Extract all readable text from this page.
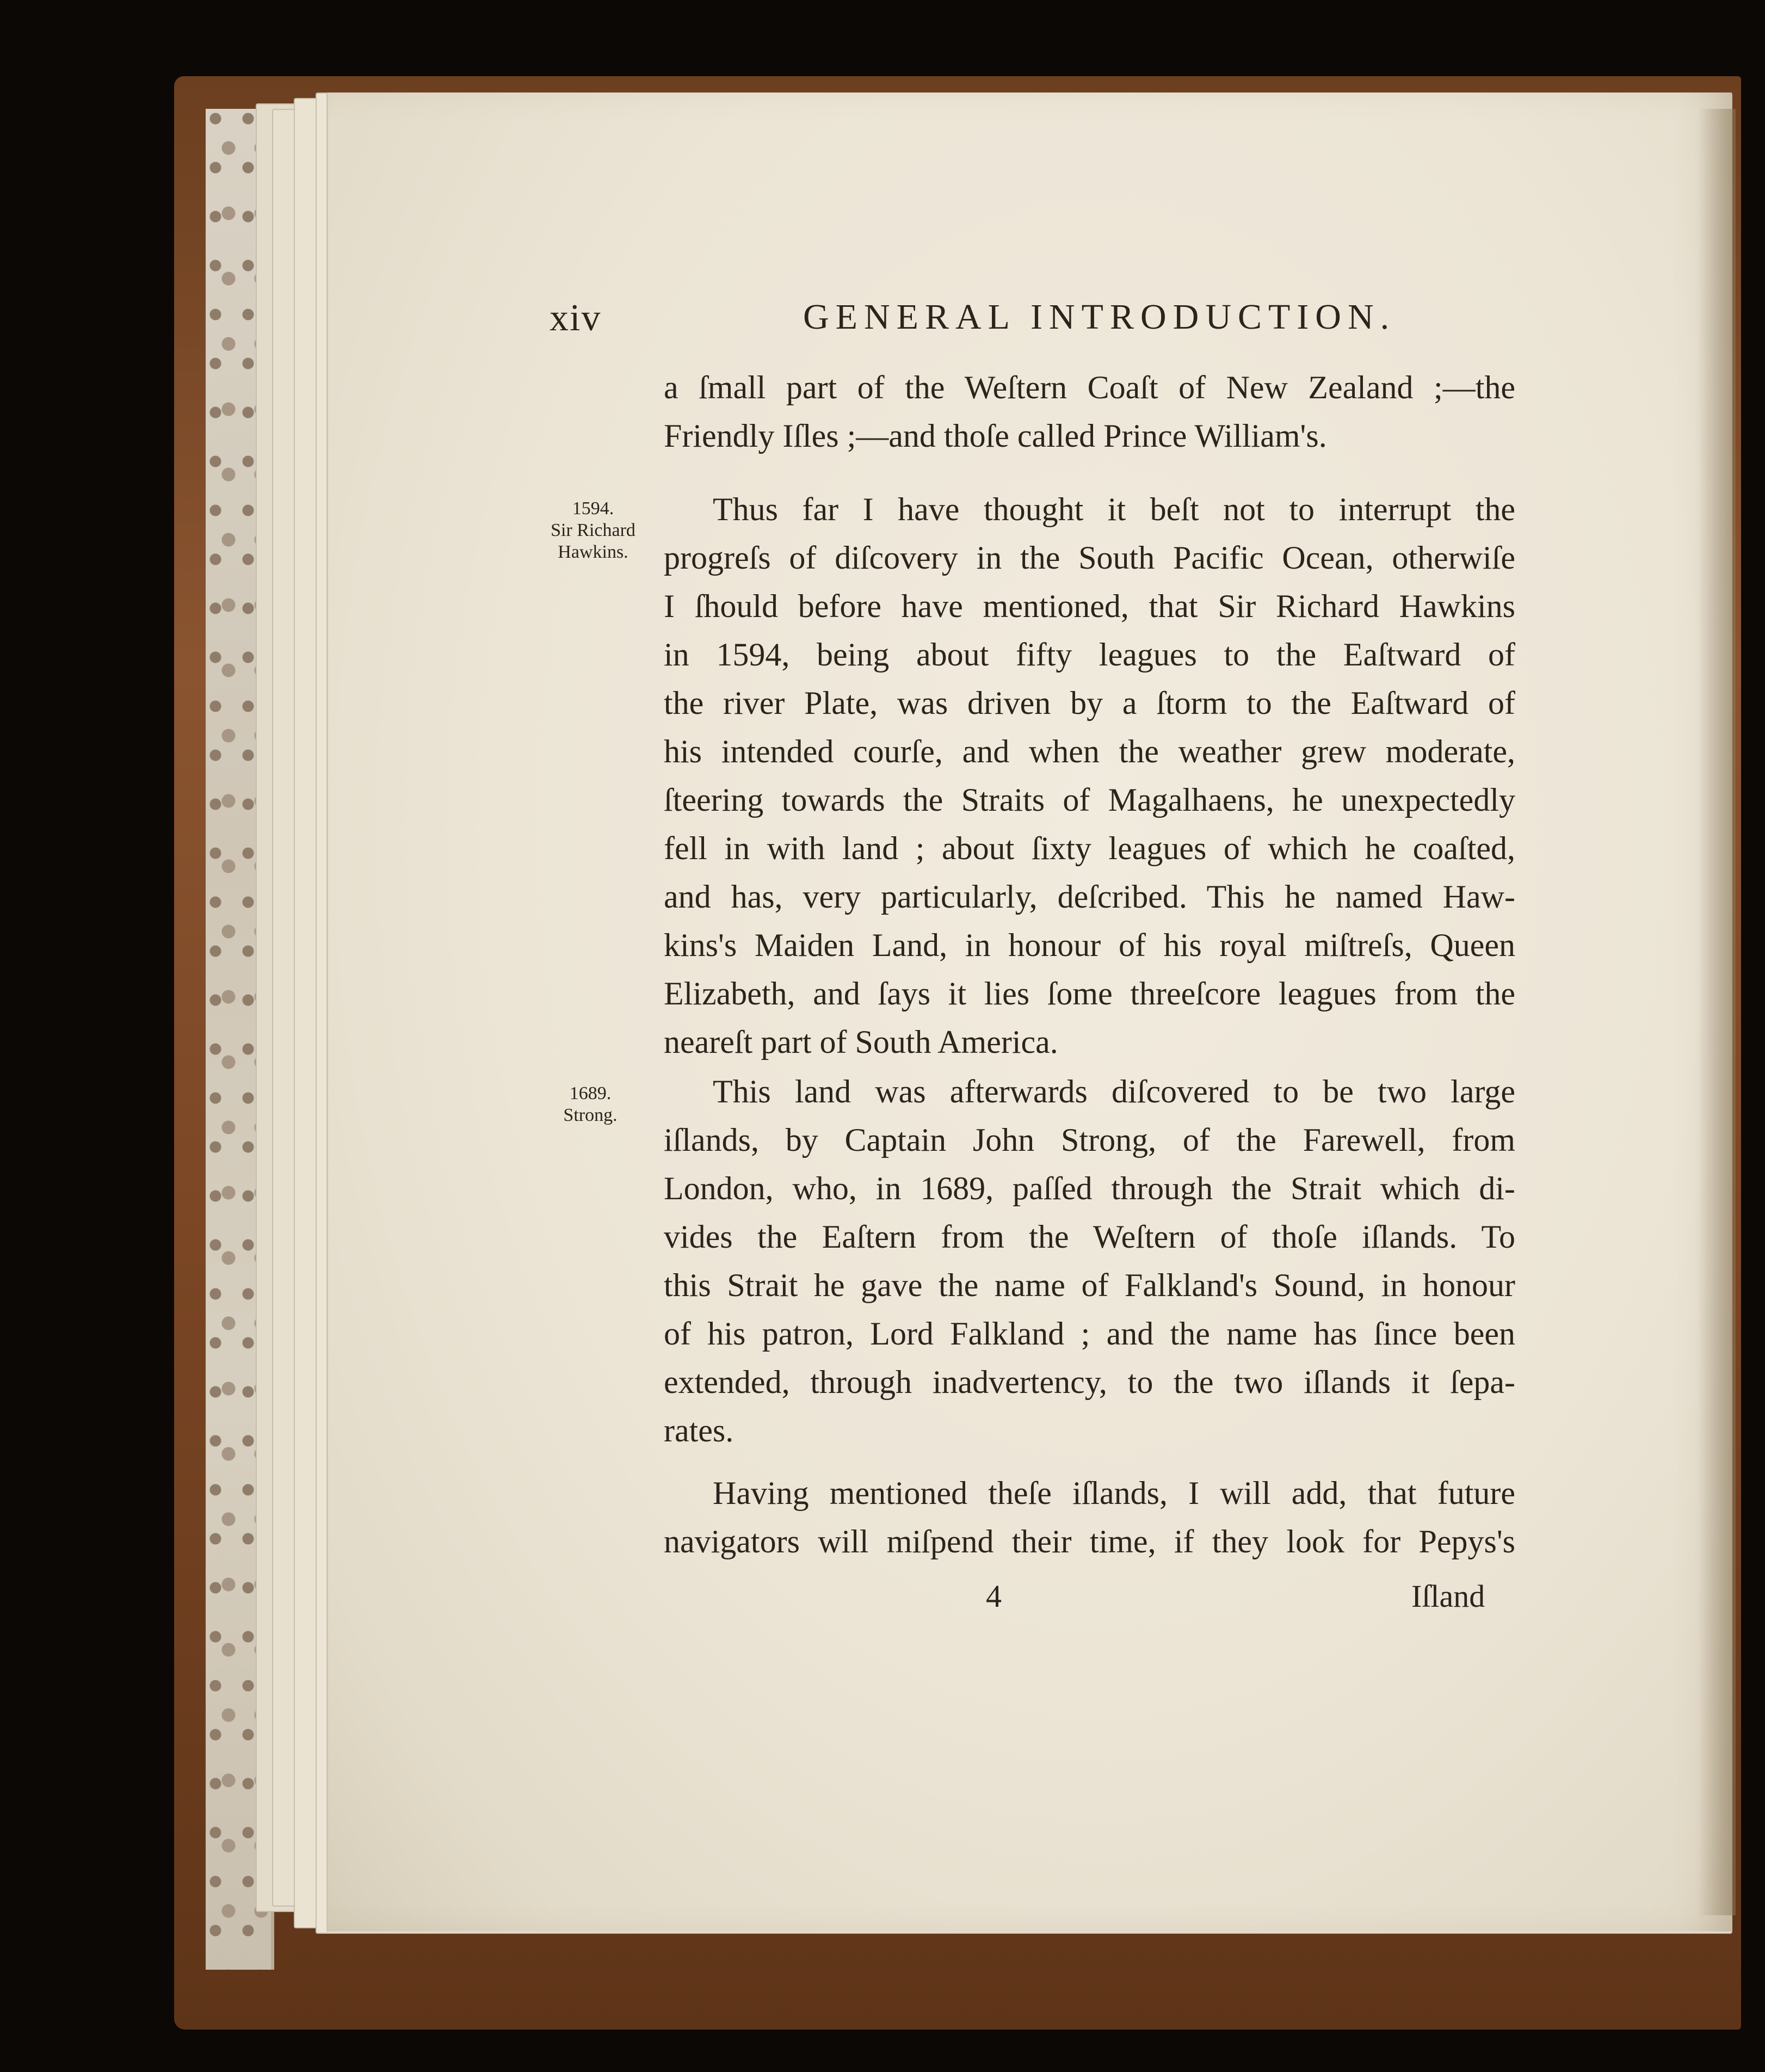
xiv	GENERAL INTRODUCTION.
a ſmall part of the Weſtern Coaſt of New Zealand ;—the
Friendly Iſles ;—and thoſe called Prince William's.
1594.
Sir Richard
Hawkins.
Thus far I have thought it beſt not to interrupt the
progreſs of diſcovery in the South Pacific Ocean, otherwiſe
I ſhould before have mentioned, that Sir Richard Hawkins
in 1594, being about fifty leagues to the Eaſtward of
the river Plate, was driven by a ſtorm to the Eaſtward of
his intended courſe, and when the weather grew moderate,
ſteering towards the Straits of Magalhaens, he unexpectedly
fell in with land ; about ſixty leagues of which he coaſted,
and has, very particularly, deſcribed. This he named Haw-
kins's Maiden Land, in honour of his royal miſtreſs, Queen
Elizabeth, and ſays it lies ſome threeſcore leagues from the
neareſt part of South America.
1689.
Strong.
This land was afterwards diſcovered to be two large
iſlands, by Captain John Strong, of the Farewell, from
London, who, in 1689, paſſed through the Strait which di-
vides the Eaſtern from the Weſtern of thoſe iſlands. To
this Strait he gave the name of Falkland's Sound, in honour
of his patron, Lord Falkland ; and the name has ſince been
extended, through inadvertency, to the two iſlands it ſepa-
rates.
Having mentioned theſe iſlands, I will add, that future
navigators will miſpend their time, if they look for Pepys's
4	Iſland
